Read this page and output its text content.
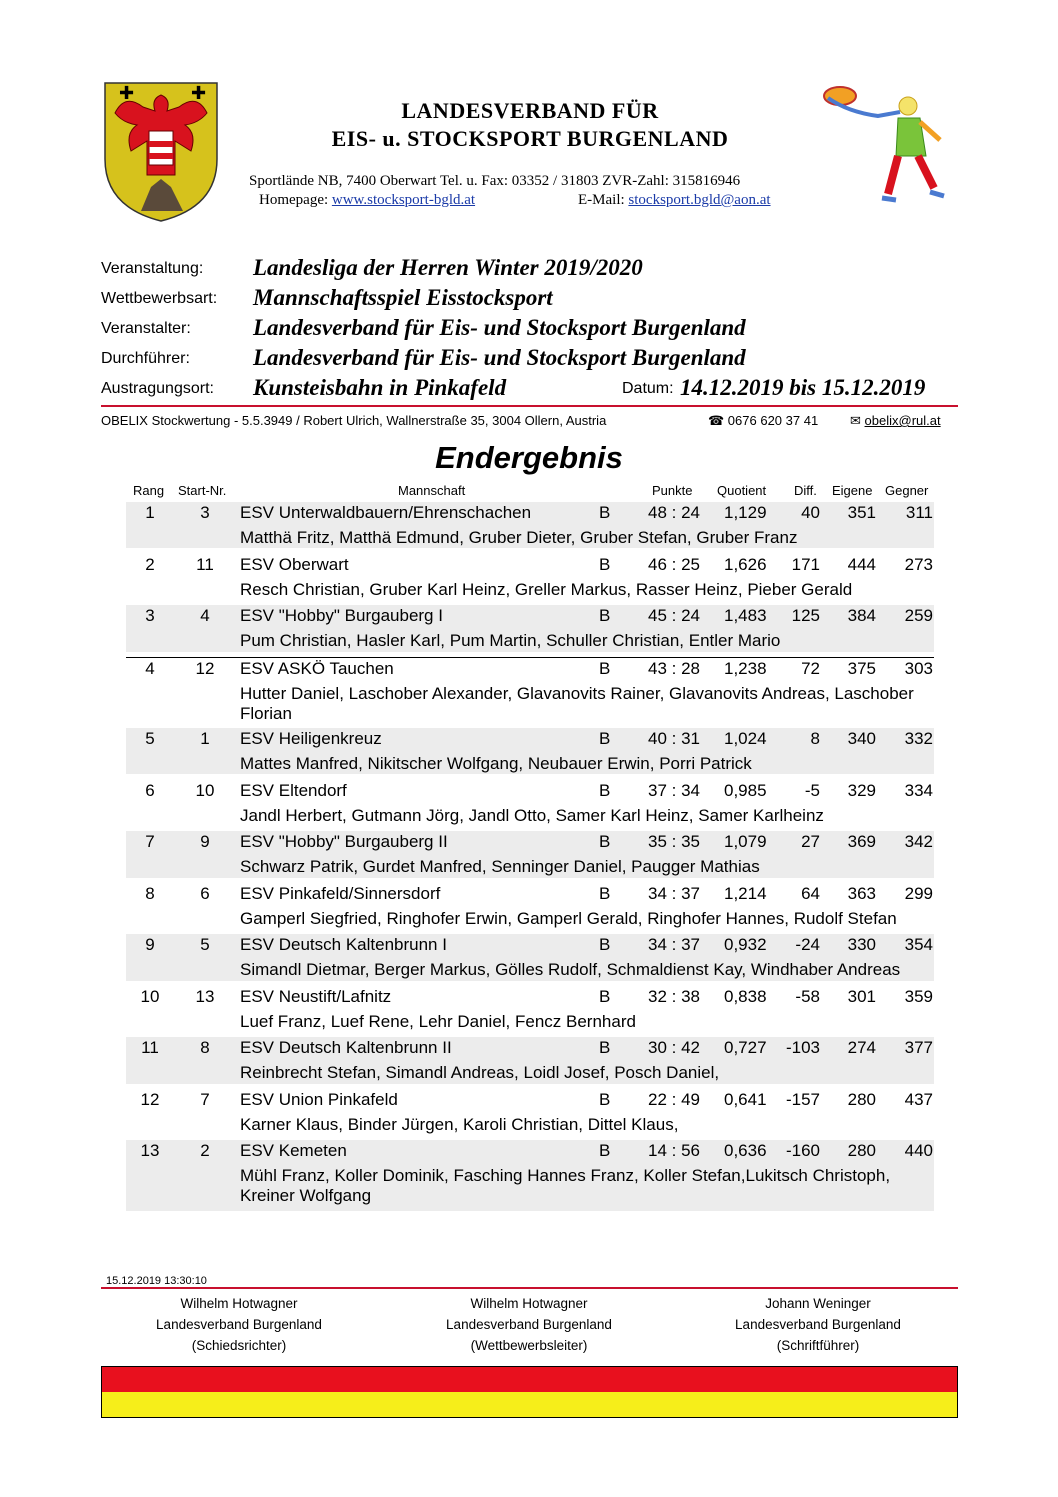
✚	✚
LANDESVERBAND FÜR
EIS- u. STOCKSPORT BURGENLAND
Sportlände NB, 7400 Oberwart Tel. u. Fax: 03352 / 31803 ZVR-Zahl: 315816946
Homepage: www.stocksport-bgld.at	E-Mail: stocksport.bgld@aon.at
Veranstaltung: Landesliga der Herren Winter 2019/2020
Wettbewerbsart: Mannschaftsspiel Eisstocksport
Veranstalter:	Landesverband für Eis- und Stocksport Burgenland
Durchführer:	Landesverband für Eis- und Stocksport Burgenland
Austragungsort: Kunsteisbahn in Pinkafeld	Datum: 14.12.2019 bis 15.12.2019
OBELIX Stockwertung - 5.5.3949 / Robert Ulrich, Wallnerstraße 35, 3004 Ollern, Austria	☎ 0676 620 37 41 ✉ obelix@rul.at
Endergebnis
Rang Start-Nr.	Mannschaft	Punkte Quotient Diff. Eigene Gegner
1	3	ESV Unterwaldbauern/Ehrenschachen	B 48 : 24 1,129 40 351 311
Matthä Fritz, Matthä Edmund, Gruber Dieter, Gruber Stefan, Gruber Franz
2	11	ESV Oberwart	B 46 : 25 1,626 171 444 273
Resch Christian, Gruber Karl Heinz, Greller Markus, Rasser Heinz, Pieber Gerald
3	4	ESV "Hobby" Burgauberg I	B 45 : 24 1,483 125 384 259
Pum Christian, Hasler Karl, Pum Martin, Schuller Christian, Entler Mario
4	12	ESV ASKÖ Tauchen	B 43 : 28 1,238 72 375 303
Hutter Daniel, Laschober Alexander, Glavanovits Rainer, Glavanovits Andreas, Laschober Florian
5	1	ESV Heiligenkreuz	B 40 : 31 1,024	8 340 332
Mattes Manfred, Nikitscher Wolfgang, Neubauer Erwin, Porri Patrick
6	10	ESV Eltendorf	B 37 : 34 0,985 -5 329 334
Jandl Herbert, Gutmann Jörg, Jandl Otto, Samer Karl Heinz, Samer Karlheinz
7	9	ESV "Hobby" Burgauberg II	B 35 : 35 1,079 27 369 342
Schwarz Patrik, Gurdet Manfred, Senninger Daniel, Paugger Mathias
8	6	ESV Pinkafeld/Sinnersdorf	B 34 : 37 1,214 64 363 299
Gamperl Siegfried, Ringhofer Erwin, Gamperl Gerald, Ringhofer Hannes, Rudolf Stefan
9	5	ESV Deutsch Kaltenbrunn I	B 34 : 37 0,932 -24 330 354
Simandl Dietmar, Berger Markus, Gölles Rudolf, Schmaldienst Kay, Windhaber Andreas
10	13	ESV Neustift/Lafnitz	B 32 : 38 0,838 -58 301 359
Luef Franz, Luef Rene, Lehr Daniel, Fencz Bernhard
11	8	ESV Deutsch Kaltenbrunn II	B 30 : 42 0,727 -103 274 377
Reinbrecht Stefan, Simandl Andreas, Loidl Josef, Posch Daniel,
12	7	ESV Union Pinkafeld	B 22 : 49 0,641 -157 280 437
Karner Klaus, Binder Jürgen, Karoli Christian, Dittel Klaus,
13	2	ESV Kemeten	B 14 : 56 0,636 -160 280 440
Mühl Franz, Koller Dominik, Fasching Hannes Franz, Koller Stefan,Lukitsch Christoph, Kreiner Wolfgang
15.12.2019 13:30:10
Wilhelm Hotwagner
Landesverband Burgenland
(Schiedsrichter)
Wilhelm Hotwagner
Landesverband Burgenland
(Wettbewerbsleiter)
Johann Weninger
Landesverband Burgenland
(Schriftführer)
